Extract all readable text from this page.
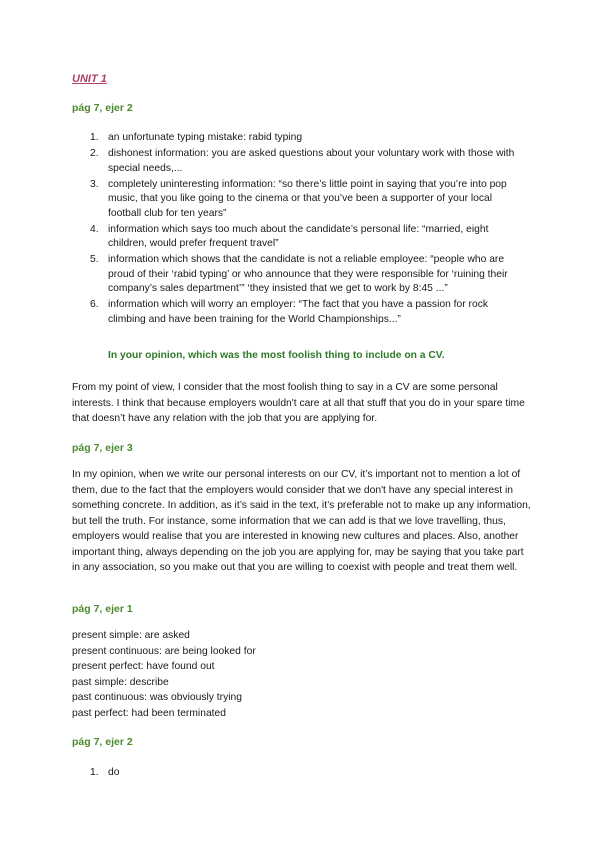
UNIT 1
pág 7, ejer 2
1. an unfortunate typing mistake: rabid typing
2. dishonest information: you are asked questions about your voluntary work with those with special needs,...
3. completely uninteresting information: “so there’s little point in saying that you’re into pop music, that you like going to the cinema or that you’ve been a supporter of your local football club for ten years”
4. information which says too much about the candidate’s personal life: “married, eight children, would prefer frequent travel”
5. information which shows that the candidate is not a reliable employee: “people who are proud of their ‘rabid typing’ or who announce that they were responsible for ‘ruining their company’s sales department’” ‘they insisted that we get to work by 8:45 ...”
6. information which will worry an employer: “The fact that you have a passion for rock climbing and have been training for the World Championships...”

In your opinion, which was the most foolish thing to include on a CV.

From my point of view, I consider that the most foolish thing to say in a CV are some personal interests. I think that because employers wouldn't care at all that stuff that you do in your spare time that doesn’t have any relation with the job that you are applying for.

pág 7, ejer 3

In my opinion, when we write our personal interests on our CV, it’s important not to mention a lot of them, due to the fact that the employers would consider that we don't have any special interest in something concrete. In addition, as it’s said in the text, it’s preferable not to make up any information, but tell the truth. For instance, some information that we can add is that we love travelling, thus, employers would realise that you are interested in knowing new cultures and places. Also, another important thing, always depending on the job you are applying for, may be saying that you take part in any association, so you make out that you are willing to coexist with people and treat them well.

pág 7, ejer 1
present simple: are asked
present continuous: are being looked for
present perfect: have found out
past simple: describe
past continuous: was obviously trying
past perfect: had been terminated
pág 7, ejer 2
1. do
